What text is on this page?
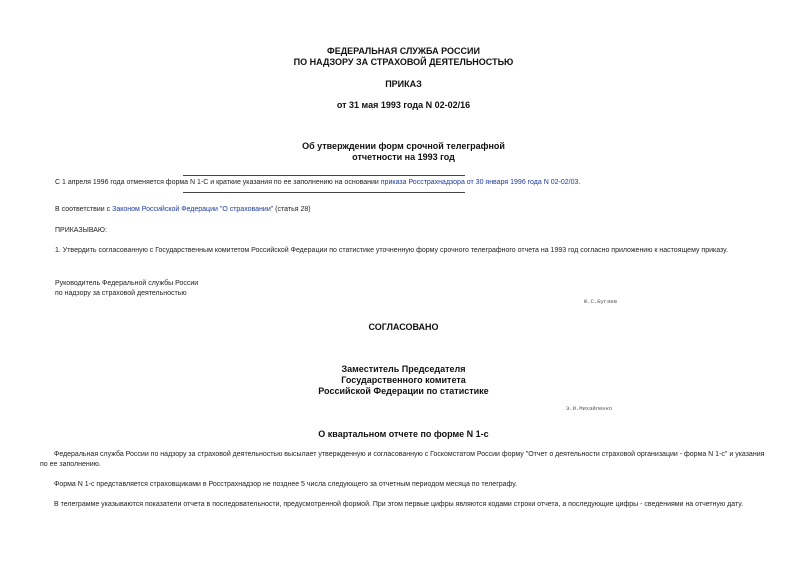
ФЕДЕРАЛЬНАЯ СЛУЖБА РОССИИ
ПО НАДЗОРУ ЗА СТРАХОВОЙ ДЕЯТЕЛЬНОСТЬЮ
ПРИКАЗ
от 31 мая 1993 года N 02-02/16
Об утверждении форм срочной телеграфной
отчетности на 1993 год
С 1 апреля 1996 года отменяется форма N 1-С и краткие указания по ее заполнению на основании приказа Росстрахнадзора от 30 января 1996 года N 02-02/03.
В соответствии с Законом Российской Федерации "О страховании" (статья 28)
ПРИКАЗЫВАЮ:
1. Утвердить согласованную с Государственным комитетом Российской Федерации по статистике уточненную форму срочного телеграфного отчета на 1993 год согласно приложению к настоящему приказу.
Руководитель Федеральной службы России
по надзору за страховой деятельностью
Ю.С.Бугаев
СОГЛАСОВАНО
Заместитель Председателя
Государственного комитета
Российской Федерации по статистике
Э.И.Михайленко
О квартальном отчете по форме N 1-с
Федеральная служба России по надзору за страховой деятельностью высылает утвержденную и согласованную с Госкомстатом России форму "Отчет о деятельности страховой организации - форма N 1-с" и указания по ее заполнению.
Форма N 1-с представляется страховщиками в Росстрахнадзор не позднее 5 числа следующего за отчетным периодом месяца по телеграфу.
В телеграмме указываются показатели отчета в последовательности, предусмотренной формой. При этом первые цифры являются кодами строки отчета, а последующие цифры - сведениями на отчетную дату.
